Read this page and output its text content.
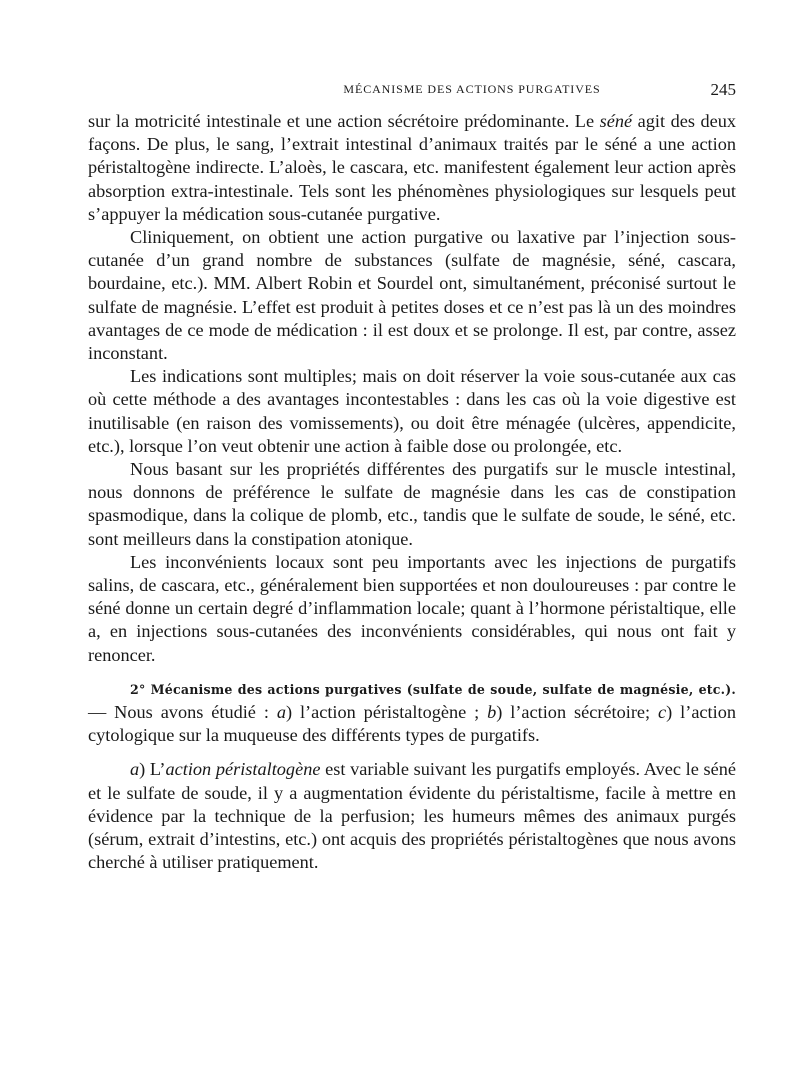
MÉCANISME DES ACTIONS PURGATIVES	245

sur la motricité intestinale et une action sécrétoire prédominante. Le séné agit des deux façons. De plus, le sang, l’extrait intestinal d’animaux traités par le séné a une action péristaltogène indirecte. L’aloès, le cascara, etc. manifestent également leur action après absorption extra-intestinale. Tels sont les phénomènes physiologiques sur lesquels peut s’appuyer la médication sous-cutanée purgative.

Cliniquement, on obtient une action purgative ou laxative par l’injection sous-cutanée d’un grand nombre de substances (sulfate de magnésie, séné, cascara, bourdaine, etc.). MM. Albert Robin et Sourdel ont, simultanément, préconisé surtout le sulfate de magnésie. L’effet est produit à petites doses et ce n’est pas là un des moindres avantages de ce mode de médication : il est doux et se prolonge. Il est, par contre, assez inconstant.

Les indications sont multiples; mais on doit réserver la voie sous-cutanée aux cas où cette méthode a des avantages incontestables : dans les cas où la voie digestive est inutilisable (en raison des vomissements), ou doit être ménagée (ulcères, appendicite, etc.), lorsque l’on veut obtenir une action à faible dose ou prolongée, etc.

Nous basant sur les propriétés différentes des purgatifs sur le muscle intestinal, nous donnons de préférence le sulfate de magnésie dans les cas de constipation spasmodique, dans la colique de plomb, etc., tandis que le sulfate de soude, le séné, etc. sont meilleurs dans la constipation atonique.

Les inconvénients locaux sont peu importants avec les injections de purgatifs salins, de cascara, etc., généralement bien supportées et non douloureuses : par contre le séné donne un certain degré d’inflammation locale; quant à l’hormone péristaltique, elle a, en injections sous-cutanées des inconvénients considérables, qui nous ont fait y renoncer.

2° Mécanisme des actions purgatives (sulfate de soude, sulfate de magnésie, etc.). — Nous avons étudié : a) l’action péristaltogène ; b) l’action sécrétoire; c) l’action cytologique sur la muqueuse des différents types de purgatifs.

a) L’action péristaltogène est variable suivant les purgatifs employés. Avec le séné et le sulfate de soude, il y a augmentation évidente du péristaltisme, facile à mettre en évidence par la technique de la perfusion; les humeurs mêmes des animaux purgés (sérum, extrait d’intestins, etc.) ont acquis des propriétés péristaltogènes que nous avons cherché à utiliser pratiquement.
